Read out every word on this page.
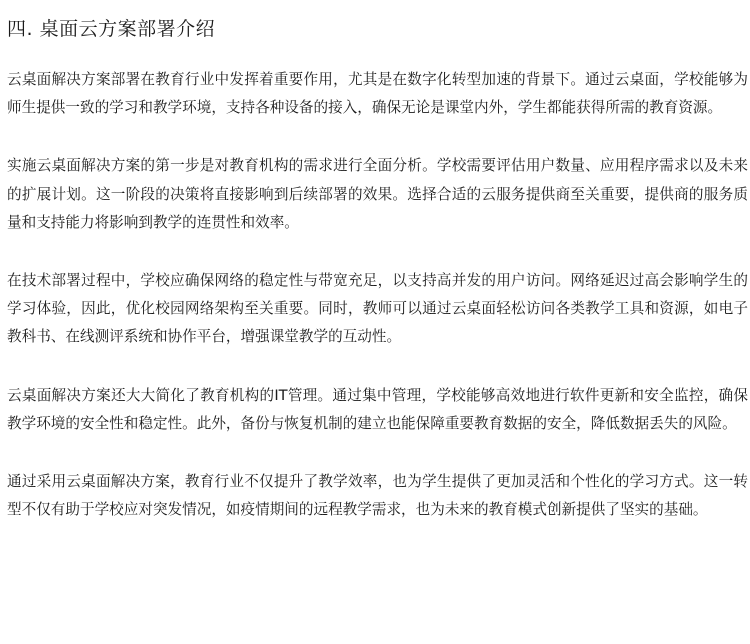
四. 桌面云方案部署介绍

云桌面解决方案部署在教育行业中发挥着重要作用，尤其是在数字化转型加速的背景下。通过云桌面，学校能够为师生提供一致的学习和教学环境，支持各种设备的接入，确保无论是课堂内外，学生都能获得所需的教育资源。

实施云桌面解决方案的第一步是对教育机构的需求进行全面分析。学校需要评估用户数量、应用程序需求以及未来的扩展计划。这一阶段的决策将直接影响到后续部署的效果。选择合适的云服务提供商至关重要，提供商的服务质量和支持能力将影响到教学的连贯性和效率。

在技术部署过程中，学校应确保网络的稳定性与带宽充足，以支持高并发的用户访问。网络延迟过高会影响学生的学习体验，因此，优化校园网络架构至关重要。同时，教师可以通过云桌面轻松访问各类教学工具和资源，如电子教科书、在线测评系统和协作平台，增强课堂教学的互动性。

云桌面解决方案还大大简化了教育机构的IT管理。通过集中管理，学校能够高效地进行软件更新和安全监控，确保教学环境的安全性和稳定性。此外，备份与恢复机制的建立也能保障重要教育数据的安全，降低数据丢失的风险。

通过采用云桌面解决方案，教育行业不仅提升了教学效率，也为学生提供了更加灵活和个性化的学习方式。这一转型不仅有助于学校应对突发情况，如疫情期间的远程教学需求，也为未来的教育模式创新提供了坚实的基础。
